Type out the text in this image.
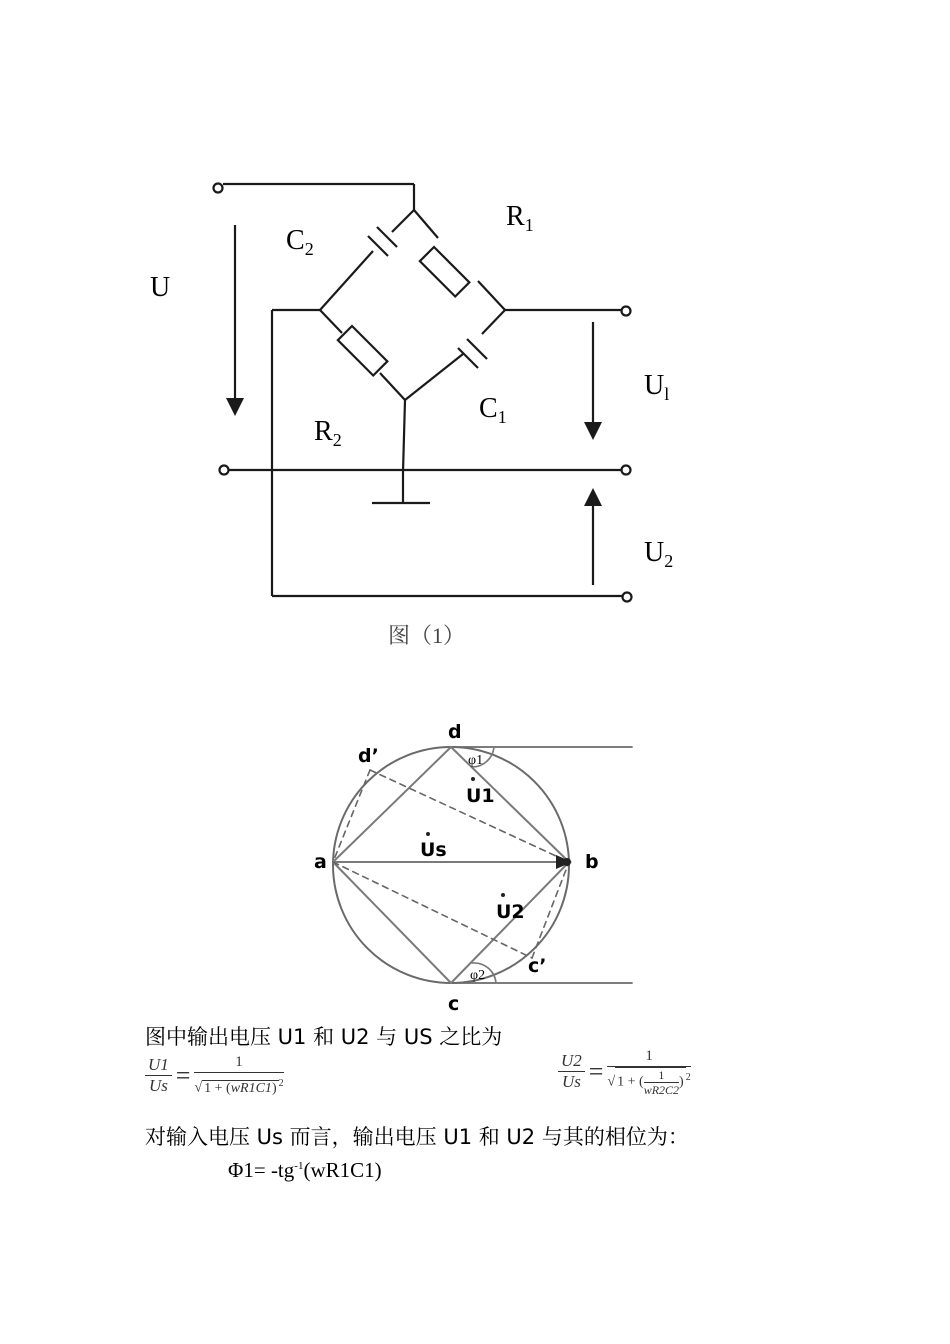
U
$C_2$
$R_1$
$U_l$
$C_1$
$R_2$
$U_2$
图（1）
d
d’
a	b
c
c’
U1
Us
U2
φ1
φ2
图中输出电压 U1 和 U2 与 US 之比为
$\frac{U1}{Us} = \frac{1}{√ 1 + (wR1C1) ^2}$	$\frac{U2}{Us} = \frac{1}{√ 1 + ( \frac{1}{wR2C2} ) ^2}$
对输入电压 Us 而言，输出电压 U1 和 U2 与其的相位为：
$\Phi 1= -tg^{-1}(wR1C1)$
